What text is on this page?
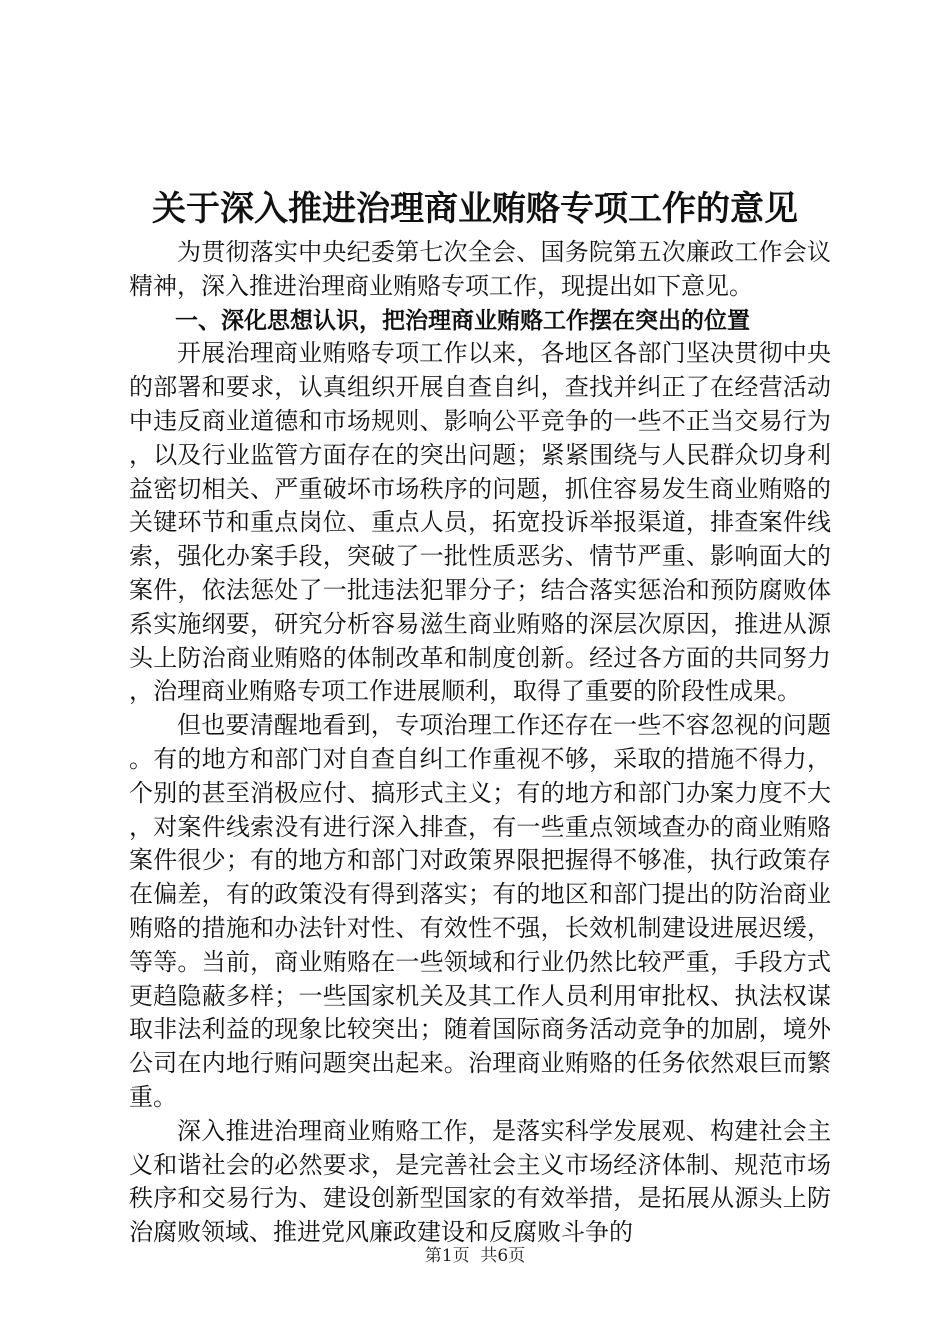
关于深入推进治理商业贿赂专项工作的意见

为贯彻落实中央纪委第七次全会、国务院第五次廉政工作会议精神，深入推进治理商业贿赂专项工作，现提出如下意见。

一、深化思想认识，把治理商业贿赂工作摆在突出的位置

开展治理商业贿赂专项工作以来，各地区各部门坚决贯彻中央的部署和要求，认真组织开展自查自纠，查找并纠正了在经营活动中违反商业道德和市场规则、影响公平竞争的一些不正当交易行为，以及行业监管方面存在的突出问题；紧紧围绕与人民群众切身利益密切相关、严重破坏市场秩序的问题，抓住容易发生商业贿赂的关键环节和重点岗位、重点人员，拓宽投诉举报渠道，排查案件线索，强化办案手段，突破了一批性质恶劣、情节严重、影响面大的案件，依法惩处了一批违法犯罪分子；结合落实惩治和预防腐败体系实施纲要，研究分析容易滋生商业贿赂的深层次原因，推进从源头上防治商业贿赂的体制改革和制度创新。经过各方面的共同努力，治理商业贿赂专项工作进展顺利，取得了重要的阶段性成果。

但也要清醒地看到，专项治理工作还存在一些不容忽视的问题。有的地方和部门对自查自纠工作重视不够，采取的措施不得力，个别的甚至消极应付、搞形式主义；有的地方和部门办案力度不大，对案件线索没有进行深入排查，有一些重点领域查办的商业贿赂案件很少；有的地方和部门对政策界限把握得不够准，执行政策存在偏差，有的政策没有得到落实；有的地区和部门提出的防治商业贿赂的措施和办法针对性、有效性不强，长效机制建设进展迟缓，等等。当前，商业贿赂在一些领域和行业仍然比较严重，手段方式更趋隐蔽多样；一些国家机关及其工作人员利用审批权、执法权谋取非法利益的现象比较突出；随着国际商务活动竞争的加剧，境外公司在内地行贿问题突出起来。治理商业贿赂的任务依然艰巨而繁重。

深入推进治理商业贿赂工作，是落实科学发展观、构建社会主义和谐社会的必然要求，是完善社会主义市场经济体制、规范市场秩序和交易行为、建设创新型国家的有效举措，是拓展从源头上防治腐败领域、推进党风廉政建设和反腐败斗争的

第1页 共6页
